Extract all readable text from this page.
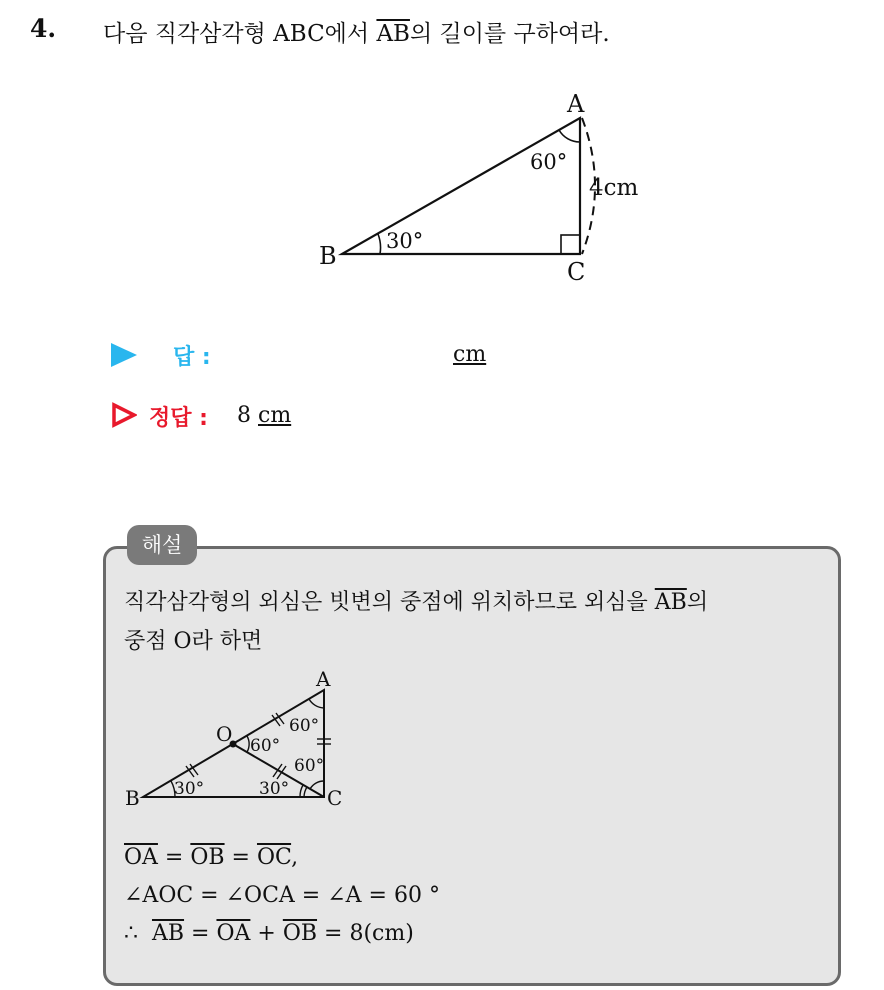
4. 다음 직각삼각형 ABC에서 $\overline{AB}$의 길이를 구하여라.
A
B
C
60°
30°
4cm
답 :	cm
정답 : 8 cm
해설
직각삼각형의 외심은 빗변의 중점에 위치하므로 외심을 $\overline{AB}$의
중점 O라 하면
A
B	C
O	60°
60°
60°
30°	30°
$\overline{OA} = \overline{OB} = \overline{OC}$,
∠AOC = ∠OCA = ∠A = 60 °
∴  $\overline{AB} = \overline{OA} + \overline{OB} = 8(cm)$
